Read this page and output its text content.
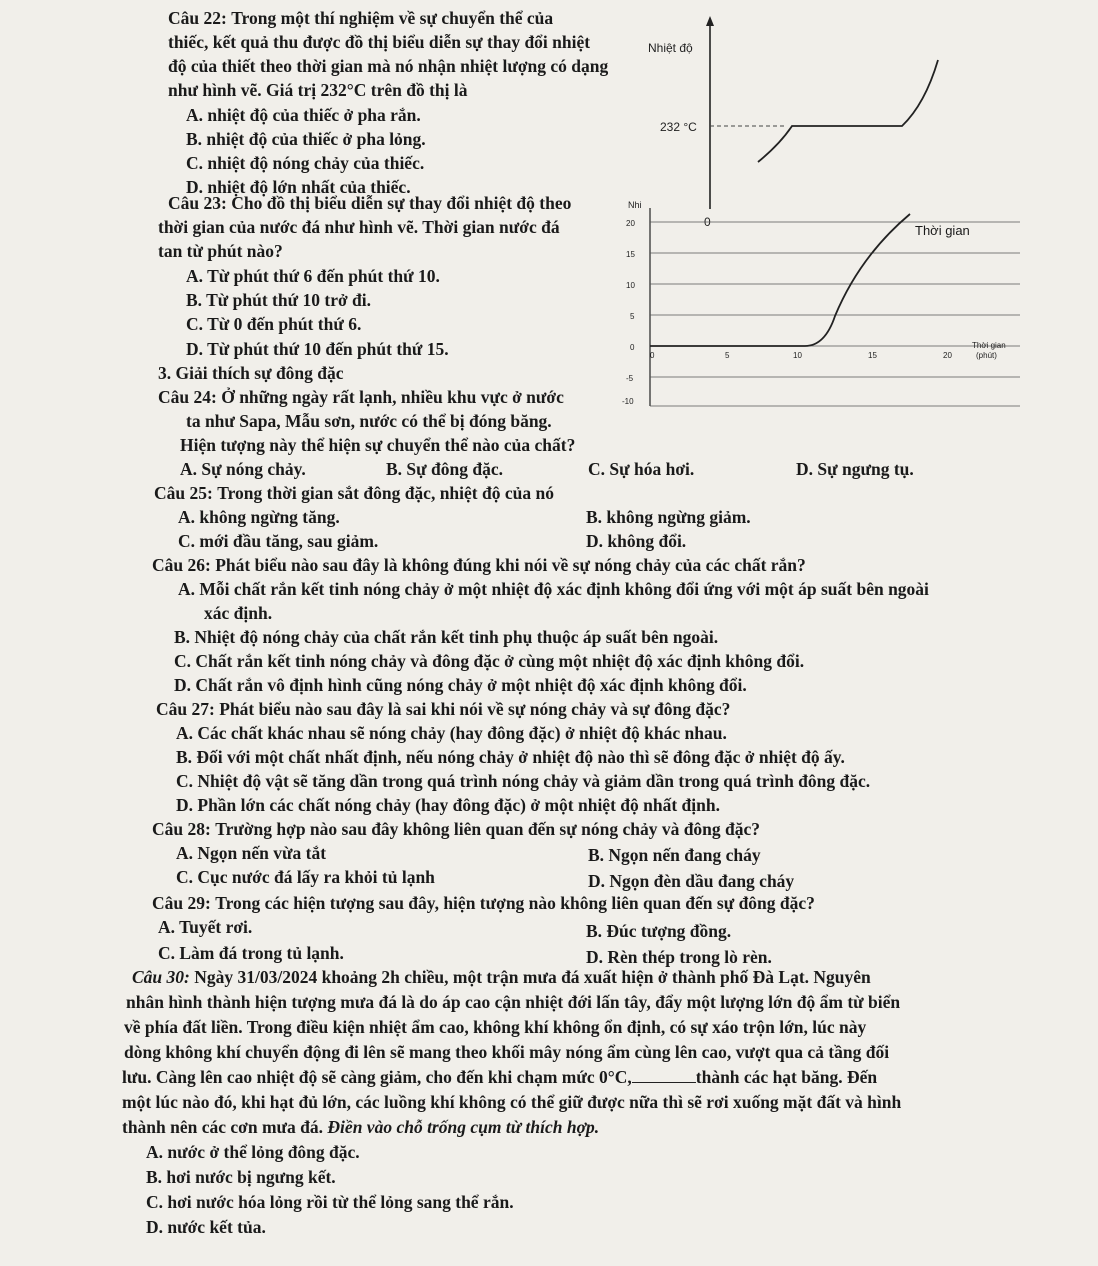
Câu 22: Trong một thí nghiệm về sự chuyển thể của
thiếc, kết quả thu được đồ thị biểu diễn sự thay đổi nhiệt
độ của thiết theo thời gian mà nó nhận nhiệt lượng có dạng
như hình vẽ. Giá trị 232°C trên đồ thị là
A. nhiệt độ của thiếc ở pha rắn.
B. nhiệt độ của thiếc ở pha lỏng.
C. nhiệt độ nóng chảy của thiếc.
D. nhiệt độ lớn nhất của thiếc.
Nhiệt độ
232 °C
0
Câu 23: Cho đồ thị biểu diễn sự thay đổi nhiệt độ theo
thời gian của nước đá như hình vẽ. Thời gian nước đá
tan từ phút nào?
A. Từ phút thứ 6 đến phút thứ 10.
B. Từ phút thứ 10 trở đi.
C. Từ 0 đến phút thứ 6.
D. Từ phút thứ 10 đến phút thứ 15.
Nhi
20
15
10
5
0
-5
-10
0	5	10	15	20
Thời gian
(phút)
Thời gian
3. Giải thích sự đông đặc
Câu 24: Ở những ngày rất lạnh, nhiều khu vực ở nước
ta như Sapa, Mẫu sơn, nước có thể bị đóng băng.
Hiện tượng này thể hiện sự chuyển thể nào của chất?
A. Sự nóng chảy.	B. Sự đông đặc.	C. Sự hóa hơi.	D. Sự ngưng tụ.
Câu 25: Trong thời gian sắt đông đặc, nhiệt độ của nó
A. không ngừng tăng.	B. không ngừng giảm.
C. mới đầu tăng, sau giảm.	D. không đổi.
Câu 26: Phát biểu nào sau đây là không đúng khi nói về sự nóng chảy của các chất rắn?
A. Mỗi chất rắn kết tinh nóng chảy ở một nhiệt độ xác định không đổi ứng với một áp suất bên ngoài
xác định.
B. Nhiệt độ nóng chảy của chất rắn kết tinh phụ thuộc áp suất bên ngoài.
C. Chất rắn kết tinh nóng chảy và đông đặc ở cùng một nhiệt độ xác định không đổi.
D. Chất rắn vô định hình cũng nóng chảy ở một nhiệt độ xác định không đổi.
Câu 27: Phát biểu nào sau đây là sai khi nói về sự nóng chảy và sự đông đặc?
A. Các chất khác nhau sẽ nóng chảy (hay đông đặc) ở nhiệt độ khác nhau.
B. Đối với một chất nhất định, nếu nóng chảy ở nhiệt độ nào thì sẽ đông đặc ở nhiệt độ ấy.
C. Nhiệt độ vật sẽ tăng dần trong quá trình nóng chảy và giảm dần trong quá trình đông đặc.
D. Phần lớn các chất nóng chảy (hay đông đặc) ở một nhiệt độ nhất định.
Câu 28: Trường hợp nào sau đây không liên quan đến sự nóng chảy và đông đặc?
A. Ngọn nến vừa tắt	B. Ngọn nến đang cháy
C. Cục nước đá lấy ra khỏi tủ lạnh	D. Ngọn đèn dầu đang cháy
Câu 29: Trong các hiện tượng sau đây, hiện tượng nào không liên quan đến sự đông đặc?
A. Tuyết rơi.	B. Đúc tượng đồng.
C. Làm đá trong tủ lạnh.	D. Rèn thép trong lò rèn.
Câu 30: Ngày 31/03/2024 khoảng 2h chiều, một trận mưa đá xuất hiện ở thành phố Đà Lạt. Nguyên
nhân hình thành hiện tượng mưa đá là do áp cao cận nhiệt đới lấn tây, đẩy một lượng lớn độ ẩm từ biển
về phía đất liền. Trong điều kiện nhiệt ẩm cao, không khí không ổn định, có sự xáo trộn lớn, lúc này
dòng không khí chuyển động đi lên sẽ mang theo khối mây nóng ẩm cùng lên cao, vượt qua cả tầng đối
lưu. Càng lên cao nhiệt độ sẽ càng giảm, cho đến khi chạm mức 0°C,	thành các hạt băng. Đến
một lúc nào đó, khi hạt đủ lớn, các luồng khí không có thể giữ được nữa thì sẽ rơi xuống mặt đất và hình
thành nên các cơn mưa đá. Điền vào chỗ trống cụm từ thích hợp.
A. nước ở thể lỏng đông đặc.
B. hơi nước bị ngưng kết.
C. hơi nước hóa lỏng rồi từ thể lỏng sang thể rắn.
D. nước kết tủa.
